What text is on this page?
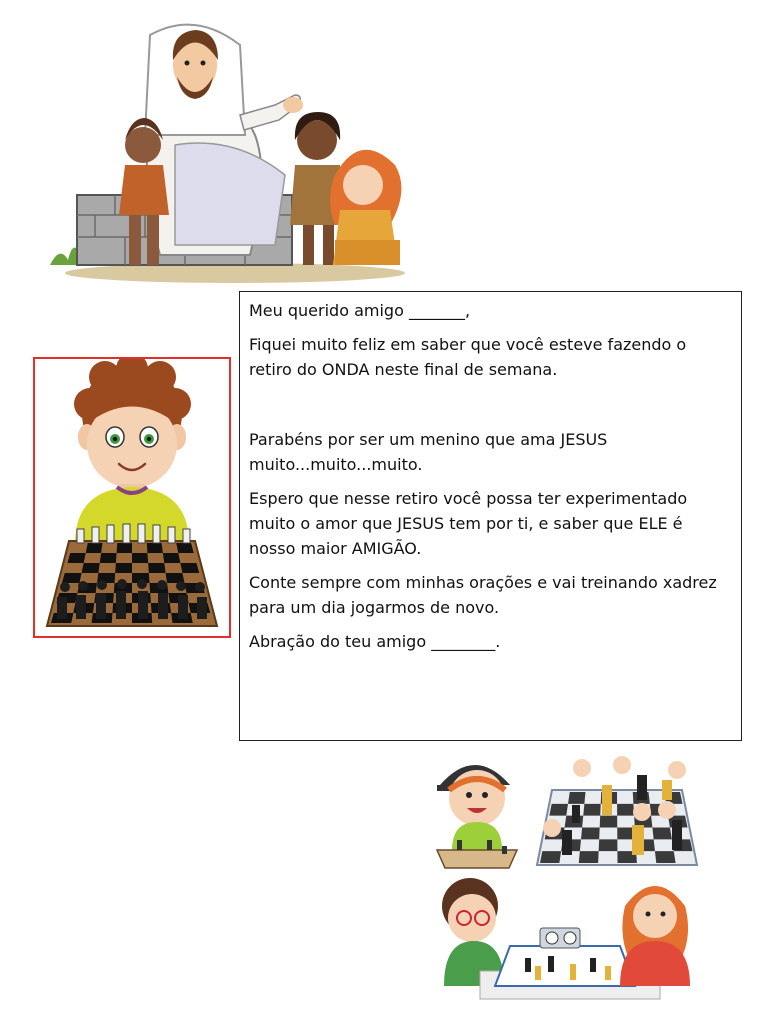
Meu querido amigo _______,

Fiquei muito feliz em saber que você esteve fazendo o retiro do ONDA neste final de semana.

Parabéns por ser um menino que ama JESUS muito...muito...muito.

Espero que nesse retiro você possa ter experimentado muito o amor que JESUS tem por ti, e saber que ELE é nosso maior AMIGÃO.

Conte sempre com minhas orações e vai treinando xadrez para um dia jogarmos de novo.

Abração do teu amigo ________.
